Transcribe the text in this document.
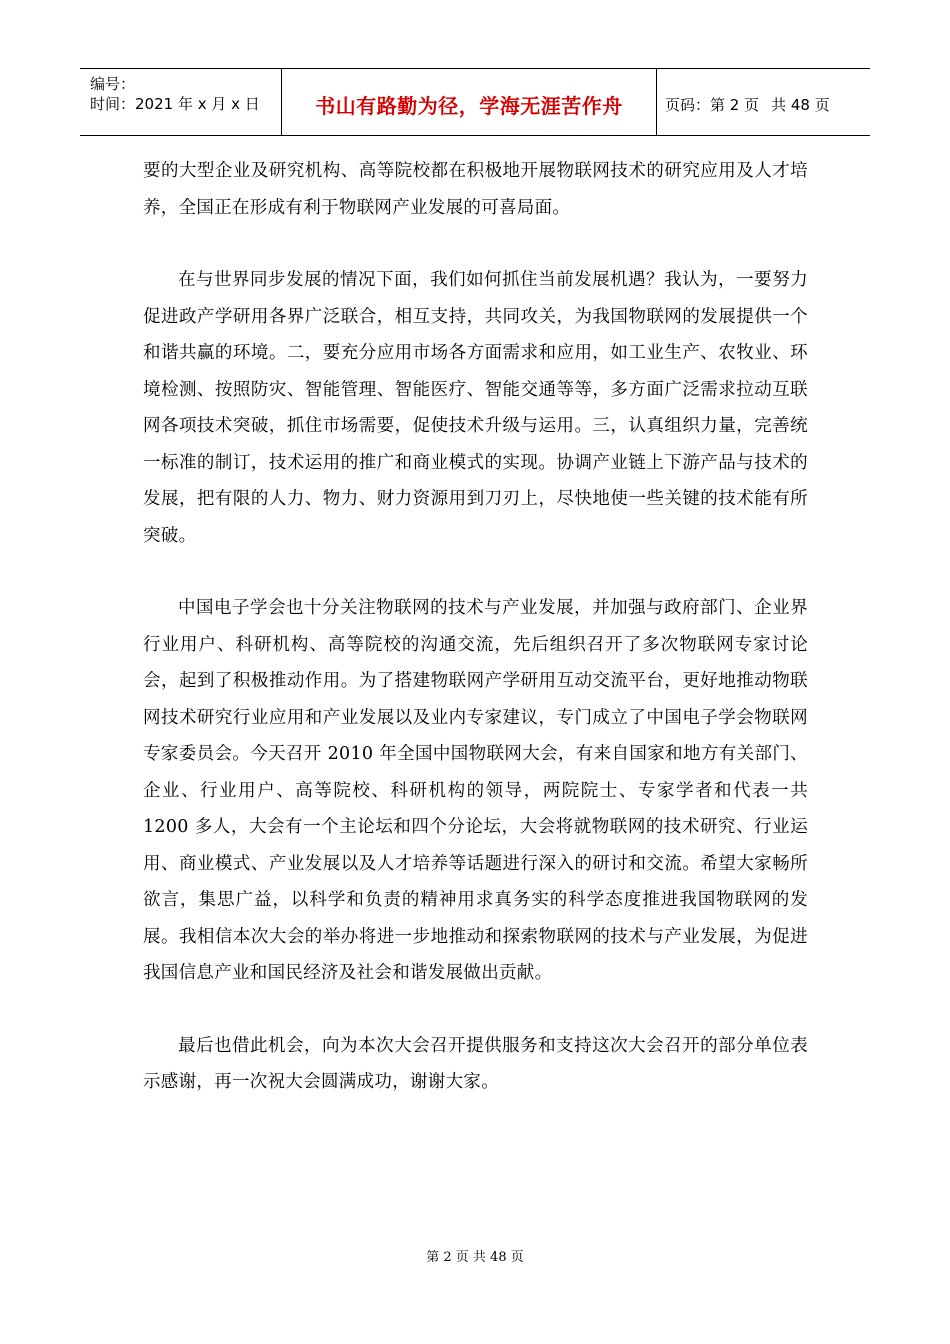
编号：
时间：2021 年 x 月 x 日	书山有路勤为径，学海无涯苦作舟	页码：第 2 页 共 48 页

要的大型企业及研究机构、高等院校都在积极地开展物联网技术的研究应用及人才培养，全国正在形成有利于物联网产业发展的可喜局面。

在与世界同步发展的情况下面，我们如何抓住当前发展机遇？我认为，一要努力促进政产学研用各界广泛联合，相互支持，共同攻关，为我国物联网的发展提供一个和谐共赢的环境。二，要充分应用市场各方面需求和应用，如工业生产、农牧业、环境检测、按照防灾、智能管理、智能医疗、智能交通等等，多方面广泛需求拉动互联网各项技术突破，抓住市场需要，促使技术升级与运用。三，认真组织力量，完善统一标准的制订，技术运用的推广和商业模式的实现。协调产业链上下游产品与技术的发展，把有限的人力、物力、财力资源用到刀刃上，尽快地使一些关键的技术能有所突破。

中国电子学会也十分关注物联网的技术与产业发展，并加强与政府部门、企业界行业用户、科研机构、高等院校的沟通交流，先后组织召开了多次物联网专家讨论会，起到了积极推动作用。为了搭建物联网产学研用互动交流平台，更好地推动物联网技术研究行业应用和产业发展以及业内专家建议，专门成立了中国电子学会物联网专家委员会。今天召开 2010 年全国中国物联网大会，有来自国家和地方有关部门、企业、行业用户、高等院校、科研机构的领导，两院院士、专家学者和代表一共 1200 多人，大会有一个主论坛和四个分论坛，大会将就物联网的技术研究、行业运用、商业模式、产业发展以及人才培养等话题进行深入的研讨和交流。希望大家畅所欲言，集思广益，以科学和负责的精神用求真务实的科学态度推进我国物联网的发展。我相信本次大会的举办将进一步地推动和探索物联网的技术与产业发展，为促进我国信息产业和国民经济及社会和谐发展做出贡献。

最后也借此机会，向为本次大会召开提供服务和支持这次大会召开的部分单位表示感谢，再一次祝大会圆满成功，谢谢大家。

第 2 页 共 48 页
